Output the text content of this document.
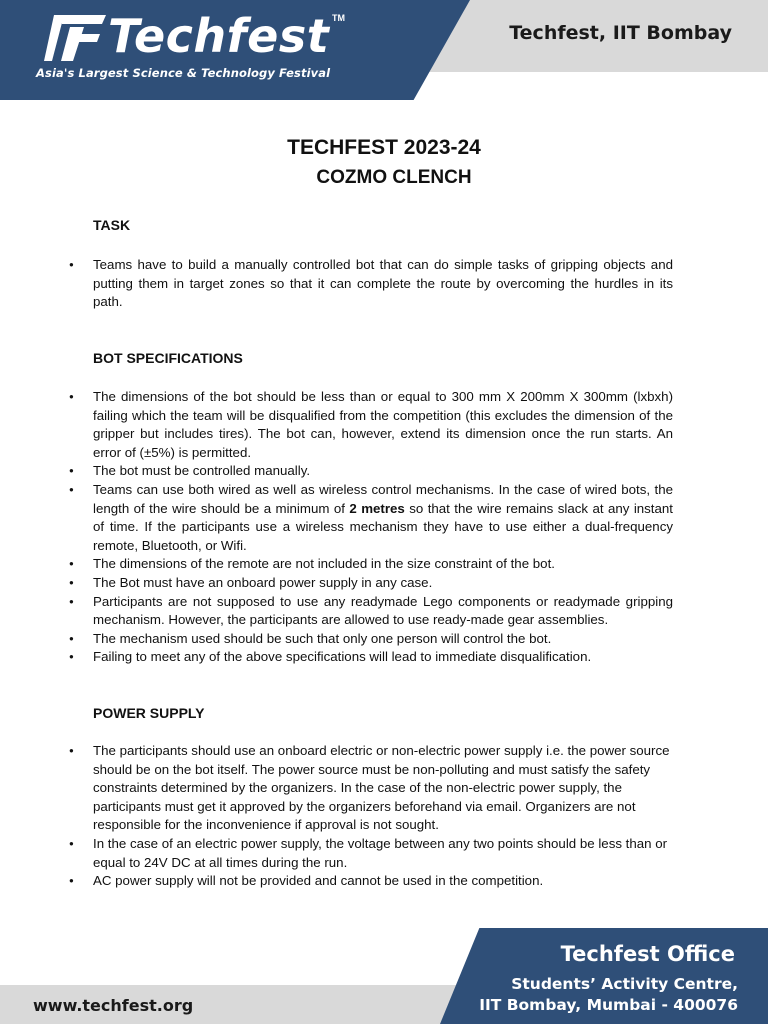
Techfest TM
Asia's Largest Science & Technology Festival
Techfest, IIT Bombay
TECHFEST 2023-24
COZMO CLENCH
TASK
● Teams have to build a manually controlled bot that can do simple tasks of gripping objects and putting them in target zones so that it can complete the route by overcoming the hurdles in its path.
BOT SPECIFICATIONS
● The dimensions of the bot should be less than or equal to 300 mm X 200mm X 300mm (lxbxh) failing which the team will be disqualified from the competition (this excludes the dimension of the gripper but includes tires). The bot can, however, extend its dimension once the run starts. An error of (±5%) is permitted.
● The bot must be controlled manually.
● Teams can use both wired as well as wireless control mechanisms. In the case of wired bots, the length of the wire should be a minimum of 2 metres so that the wire remains slack at any instant of time. If the participants use a wireless mechanism they have to use either a dual-frequency remote, Bluetooth, or Wifi.
● The dimensions of the remote are not included in the size constraint of the bot.
● The Bot must have an onboard power supply in any case.
● Participants are not supposed to use any readymade Lego components or readymade gripping mechanism. However, the participants are allowed to use ready-made gear assemblies.
● The mechanism used should be such that only one person will control the bot.
● Failing to meet any of the above specifications will lead to immediate disqualification.
POWER SUPPLY
● The participants should use an onboard electric or non-electric power supply i.e. the power source should be on the bot itself. The power source must be non-polluting and must satisfy the safety constraints determined by the organizers. In the case of the non-electric power supply, the participants must get it approved by the organizers beforehand via email. Organizers are not responsible for the inconvenience if approval is not sought.
● In the case of an electric power supply, the voltage between any two points should be less than or equal to 24V DC at all times during the run.
● AC power supply will not be provided and cannot be used in the competition.
www.techfest.org
Techfest Office
Students’ Activity Centre,
IIT Bombay, Mumbai - 400076
